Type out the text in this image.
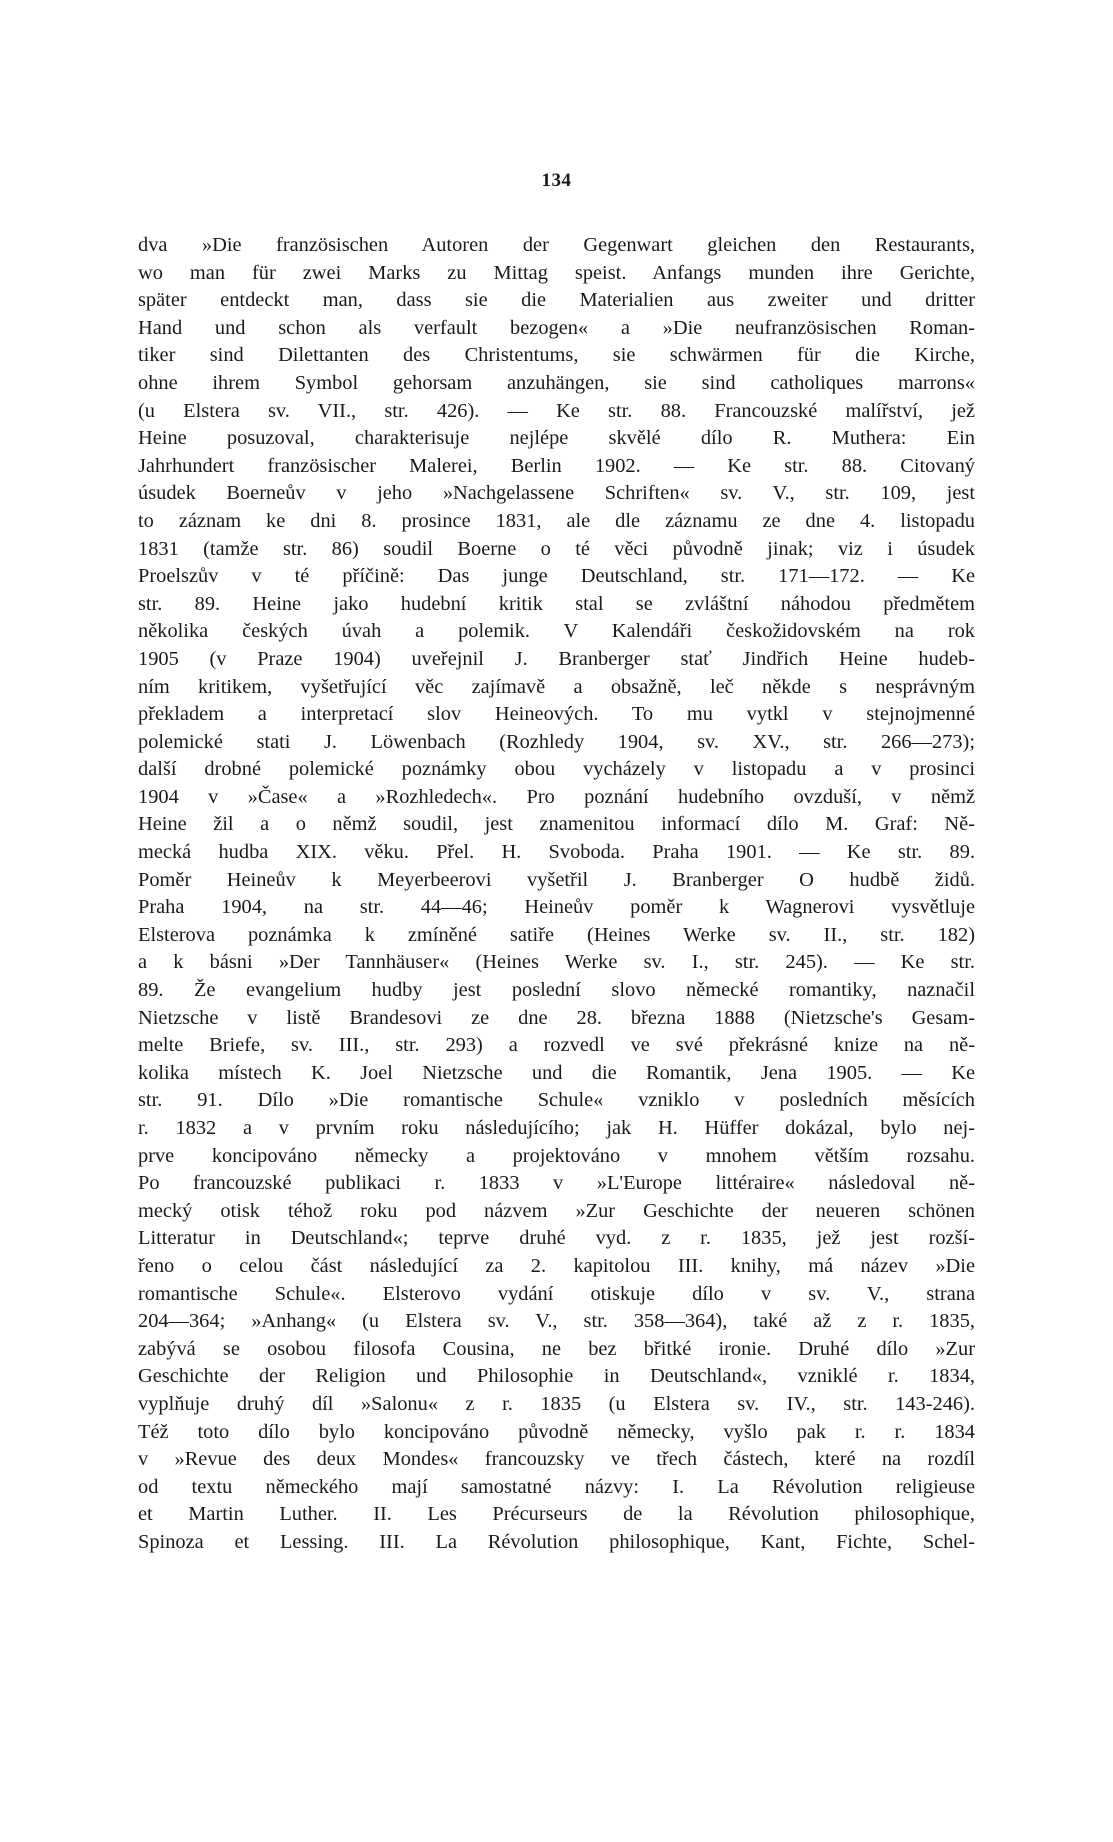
134
dva »Die französischen Autoren der Gegenwart gleichen den Restaurants,
wo man für zwei Marks zu Mittag speist. Anfangs munden ihre Gerichte,
später entdeckt man, dass sie die Materialien aus zweiter und dritter
Hand und schon als verfault bezogen« a »Die neufranzösischen Roman-
tiker sind Dilettanten des Christentums, sie schwärmen für die Kirche,
ohne ihrem Symbol gehorsam anzuhängen, sie sind catholiques marrons«
(u Elstera sv. VII., str. 426). — Ke str. 88. Francouzské malířství, jež
Heine posuzoval, charakterisuje nejlépe skvělé dílo R. Muthera: Ein
Jahrhundert französischer Malerei, Berlin 1902. — Ke str. 88. Citovaný
úsudek Boerneův v jeho »Nachgelassene Schriften« sv. V., str. 109, jest
to záznam ke dni 8. prosince 1831, ale dle záznamu ze dne 4. listopadu
1831 (tamže str. 86) soudil Boerne o té věci původně jinak; viz i úsudek
Proelszův v té příčině: Das junge Deutschland, str. 171—172. — Ke
str. 89. Heine jako hudební kritik stal se zvláštní náhodou předmětem
několika českých úvah a polemik. V Kalendáři českožidovském na rok
1905 (v Praze 1904) uveřejnil J. Branberger stať Jindřich Heine hudeb-
ním kritikem, vyšetřující věc zajímavě a obsažně, leč někde s nesprávným
překladem a interpretací slov Heineových. To mu vytkl v stejnojmenné
polemické stati J. Löwenbach (Rozhledy 1904, sv. XV., str. 266—273);
další drobné polemické poznámky obou vycházely v listopadu a v prosinci
1904 v »Čase« a »Rozhledech«. Pro poznání hudebního ovzduší, v němž
Heine žil a o němž soudil, jest znamenitou informací dílo M. Graf: Ně-
mecká hudba XIX. věku. Přel. H. Svoboda. Praha 1901. — Ke str. 89.
Poměr Heineův k Meyerbeerovi vyšetřil J. Branberger O hudbě židů.
Praha 1904, na str. 44—46; Heineův poměr k Wagnerovi vysvětluje
Elsterova poznámka k zmíněné satiře (Heines Werke sv. II., str. 182)
a k básni »Der Tannhäuser« (Heines Werke sv. I., str. 245). — Ke str.
89. Že evangelium hudby jest poslední slovo německé romantiky, naznačil
Nietzsche v listě Brandesovi ze dne 28. března 1888 (Nietzsche's Gesam-
melte Briefe, sv. III., str. 293) a rozvedl ve své překrásné knize na ně-
kolika místech K. Joel Nietzsche und die Romantik, Jena 1905. — Ke
str. 91. Dílo »Die romantische Schule« vzniklo v posledních měsících
r. 1832 a v prvním roku následujícího; jak H. Hüffer dokázal, bylo nej-
prve koncipováno německy a projektováno v mnohem větším rozsahu.
Po francouzské publikaci r. 1833 v »L'Europe littéraire« následoval ně-
mecký otisk téhož roku pod názvem »Zur Geschichte der neueren schönen
Litteratur in Deutschland«; teprve druhé vyd. z r. 1835, jež jest rozší-
řeno o celou část následující za 2. kapitolou III. knihy, má název »Die
romantische Schule«. Elsterovo vydání otiskuje dílo v sv. V., strana
204—364; »Anhang« (u Elstera sv. V., str. 358—364), také až z r. 1835,
zabývá se osobou filosofa Cousina, ne bez břitké ironie. Druhé dílo »Zur
Geschichte der Religion und Philosophie in Deutschland«, vzniklé r. 1834,
vyplňuje druhý díl »Salonu« z r. 1835 (u Elstera sv. IV., str. 143-246).
Též toto dílo bylo koncipováno původně německy, vyšlo pak r. r. 1834
v »Revue des deux Mondes« francouzsky ve třech částech, které na rozdíl
od textu německého mají samostatné názvy: I. La Révolution religieuse
et Martin Luther. II. Les Précurseurs de la Révolution philosophique,
Spinoza et Lessing. III. La Révolution philosophique, Kant, Fichte, Schel-
